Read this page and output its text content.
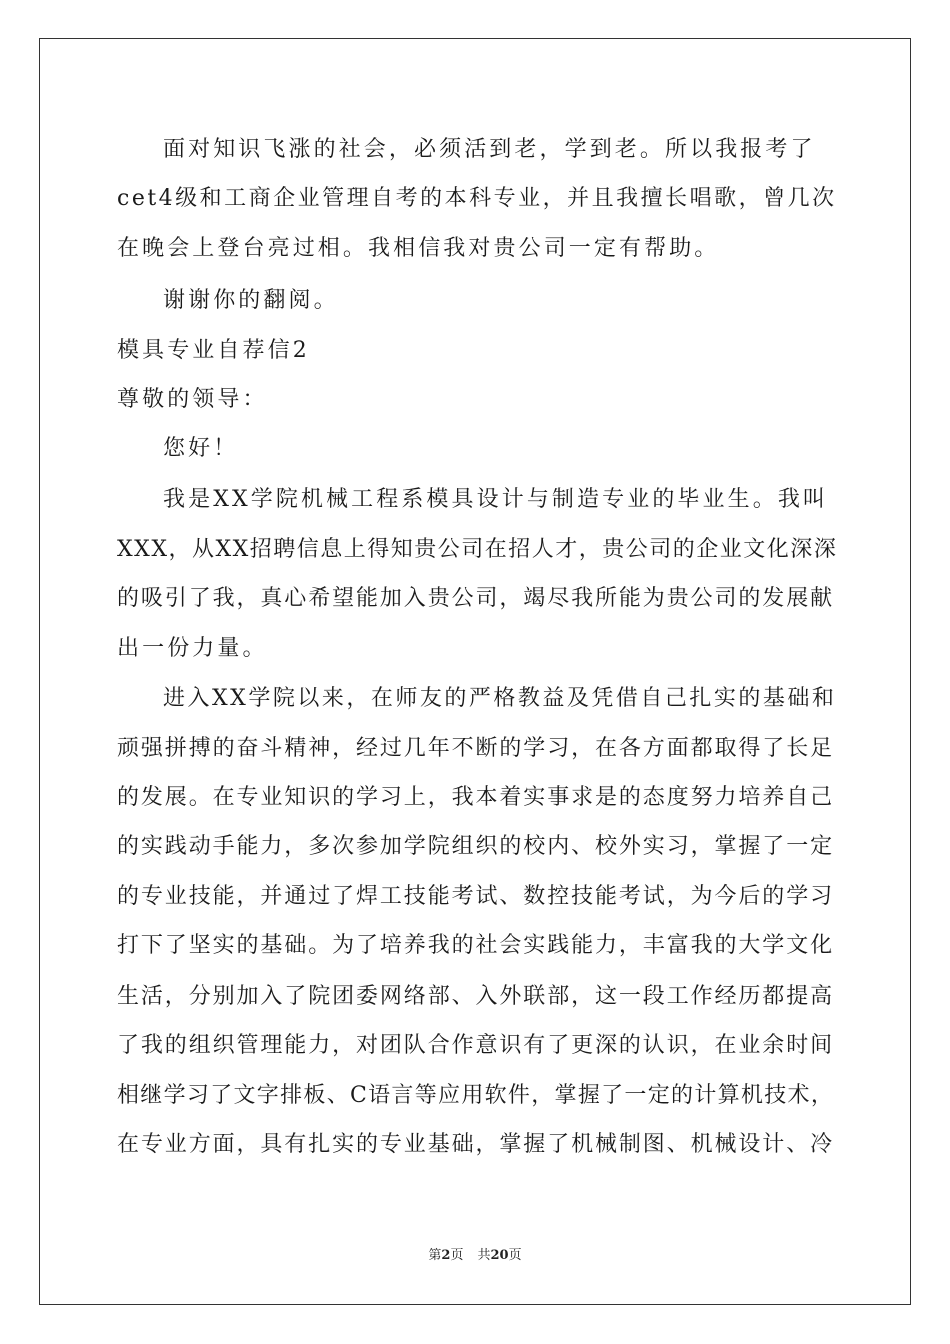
面对知识飞涨的社会，必须活到老，学到老。所以我报考了
cet4级和工商企业管理自考的本科专业，并且我擅长唱歌，曾几次
在晚会上登台亮过相。我相信我对贵公司一定有帮助。
谢谢你的翻阅。
模具专业自荐信2
尊敬的领导：
您好！
我是XX学院机械工程系模具设计与制造专业的毕业生。我叫
XXX，从XX招聘信息上得知贵公司在招人才，贵公司的企业文化深深
的吸引了我，真心希望能加入贵公司，竭尽我所能为贵公司的发展献
出一份力量。
进入XX学院以来，在师友的严格教益及凭借自己扎实的基础和
顽强拼搏的奋斗精神，经过几年不断的学习，在各方面都取得了长足
的发展。在专业知识的学习上，我本着实事求是的态度努力培养自己
的实践动手能力，多次参加学院组织的校内、校外实习，掌握了一定
的专业技能，并通过了焊工技能考试、数控技能考试，为今后的学习
打下了坚实的基础。为了培养我的社会实践能力，丰富我的大学文化
生活，分别加入了院团委网络部、入外联部，这一段工作经历都提高
了我的组织管理能力，对团队合作意识有了更深的认识，在业余时间
相继学习了文字排板、C语言等应用软件，掌握了一定的计算机技术，
在专业方面，具有扎实的专业基础，掌握了机械制图、机械设计、冷
第2页 共20页
